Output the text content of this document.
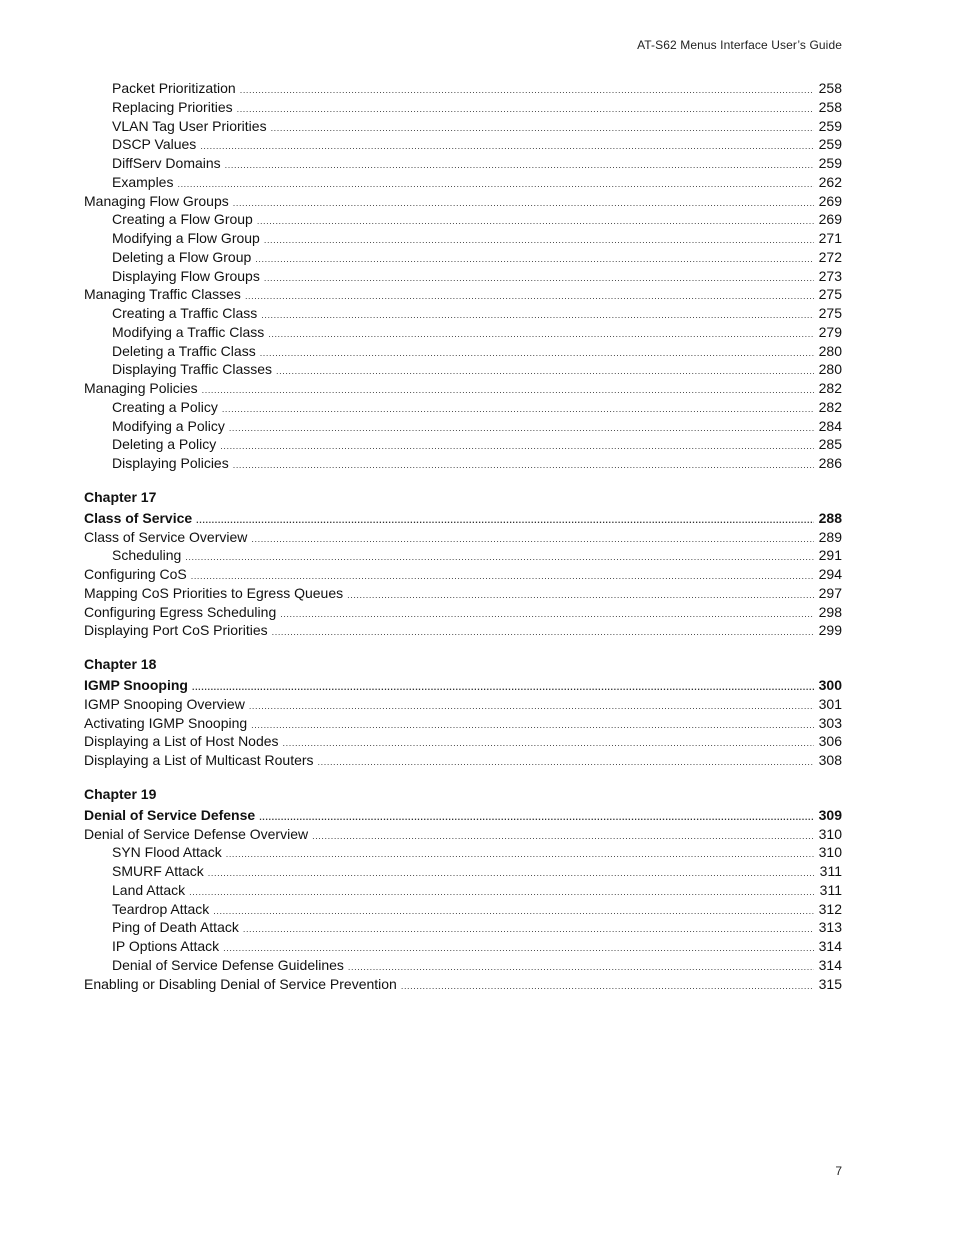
AT-S62 Menus Interface User’s Guide
Packet Prioritization .....	258
Replacing Priorities .....	258
VLAN Tag User Priorities .....	259
DSCP Values .....	259
DiffServ Domains .....	259
Examples .....	262
Managing Flow Groups .....	269
Creating a Flow Group .....	269
Modifying a Flow Group .....	271
Deleting a Flow Group .....	272
Displaying Flow Groups .....	273
Managing Traffic Classes .....	275
Creating a Traffic Class .....	275
Modifying a Traffic Class .....	279
Deleting a Traffic Class .....	280
Displaying Traffic Classes .....	280
Managing Policies .....	282
Creating a Policy .....	282
Modifying a Policy .....	284
Deleting a Policy .....	285
Displaying Policies .....	286
Chapter 17
Class of Service .....	288
Class of Service Overview .....	289
Scheduling .....	291
Configuring CoS .....	294
Mapping CoS Priorities to Egress Queues .....	297
Configuring Egress Scheduling .....	298
Displaying Port CoS Priorities .....	299
Chapter 18
IGMP Snooping .....	300
IGMP Snooping Overview .....	301
Activating IGMP Snooping .....	303
Displaying a List of Host Nodes .....	306
Displaying a List of Multicast Routers .....	308
Chapter 19
Denial of Service Defense .....	309
Denial of Service Defense Overview .....	310
SYN Flood Attack .....	310
SMURF Attack .....	311
Land Attack .....	311
Teardrop Attack .....	312
Ping of Death Attack .....	313
IP Options Attack .....	314
Denial of Service Defense Guidelines .....	314
Enabling or Disabling Denial of Service Prevention .....	315
7
